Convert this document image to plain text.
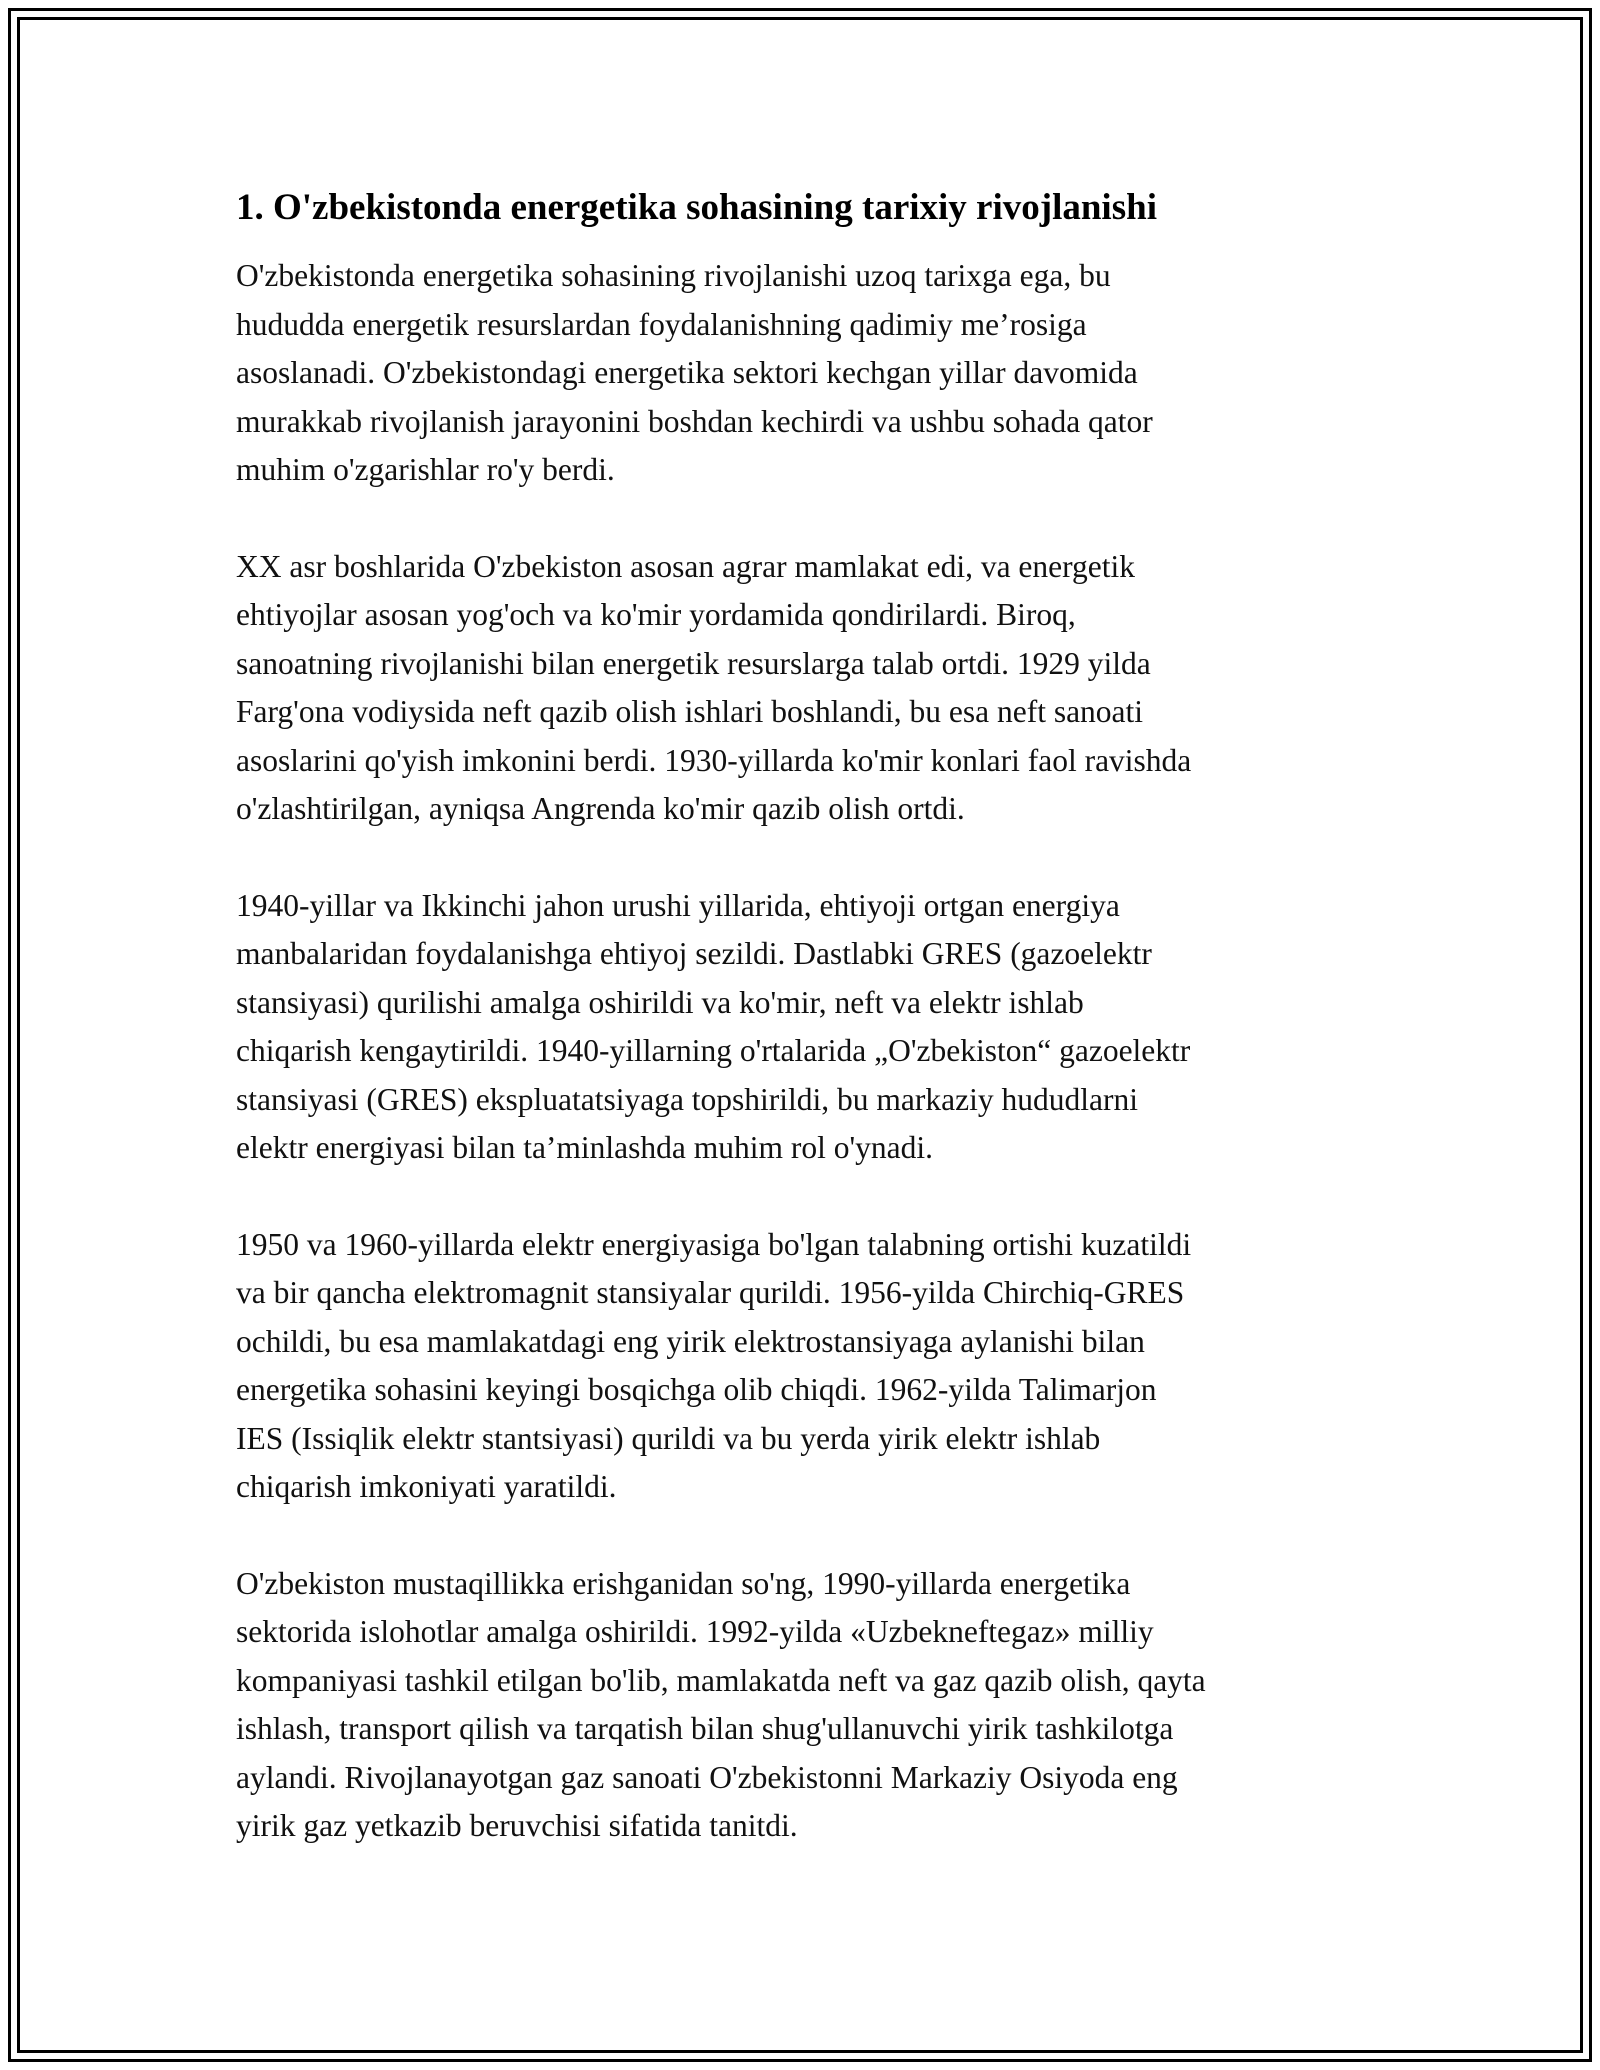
1. O'zbekistonda energetika sohasining tarixiy rivojlanishi

O'zbekistonda energetika sohasining rivojlanishi uzoq tarixga ega, bu
hududda energetik resurslardan foydalanishning qadimiy me’rosiga
asoslanadi. O'zbekistondagi energetika sektori kechgan yillar davomida
murakkab rivojlanish jarayonini boshdan kechirdi va ushbu sohada qator
muhim o'zgarishlar ro'y berdi.

XX asr boshlarida O'zbekiston asosan agrar mamlakat edi, va energetik
ehtiyojlar asosan yog'och va ko'mir yordamida qondirilardi. Biroq,
sanoatning rivojlanishi bilan energetik resurslarga talab ortdi. 1929 yilda
Farg'ona vodiysida neft qazib olish ishlari boshlandi, bu esa neft sanoati
asoslarini qo'yish imkonini berdi. 1930-yillarda ko'mir konlari faol ravishda
o'zlashtirilgan, ayniqsa Angrenda ko'mir qazib olish ortdi.

1940-yillar va Ikkinchi jahon urushi yillarida, ehtiyoji ortgan energiya
manbalaridan foydalanishga ehtiyoj sezildi. Dastlabki GRES (gazoelektr
stansiyasi) qurilishi amalga oshirildi va ko'mir, neft va elektr ishlab
chiqarish kengaytirildi. 1940-yillarning o'rtalarida „O'zbekiston“ gazoelektr
stansiyasi (GRES) ekspluatatsiyaga topshirildi, bu markaziy hududlarni
elektr energiyasi bilan ta’minlashda muhim rol o'ynadi.

1950 va 1960-yillarda elektr energiyasiga bo'lgan talabning ortishi kuzatildi
va bir qancha elektromagnit stansiyalar qurildi. 1956-yilda Chirchiq-GRES
ochildi, bu esa mamlakatdagi eng yirik elektrostansiyaga aylanishi bilan
energetika sohasini keyingi bosqichga olib chiqdi. 1962-yilda Talimarjon
IES (Issiqlik elektr stantsiyasi) qurildi va bu yerda yirik elektr ishlab
chiqarish imkoniyati yaratildi.

O'zbekiston mustaqillikka erishganidan so'ng, 1990-yillarda energetika
sektorida islohotlar amalga oshirildi. 1992-yilda «Uzbekneftegaz» milliy
kompaniyasi tashkil etilgan bo'lib, mamlakatda neft va gaz qazib olish, qayta
ishlash, transport qilish va tarqatish bilan shug'ullanuvchi yirik tashkilotga
aylandi. Rivojlanayotgan gaz sanoati O'zbekistonni Markaziy Osiyoda eng
yirik gaz yetkazib beruvchisi sifatida tanitdi.
